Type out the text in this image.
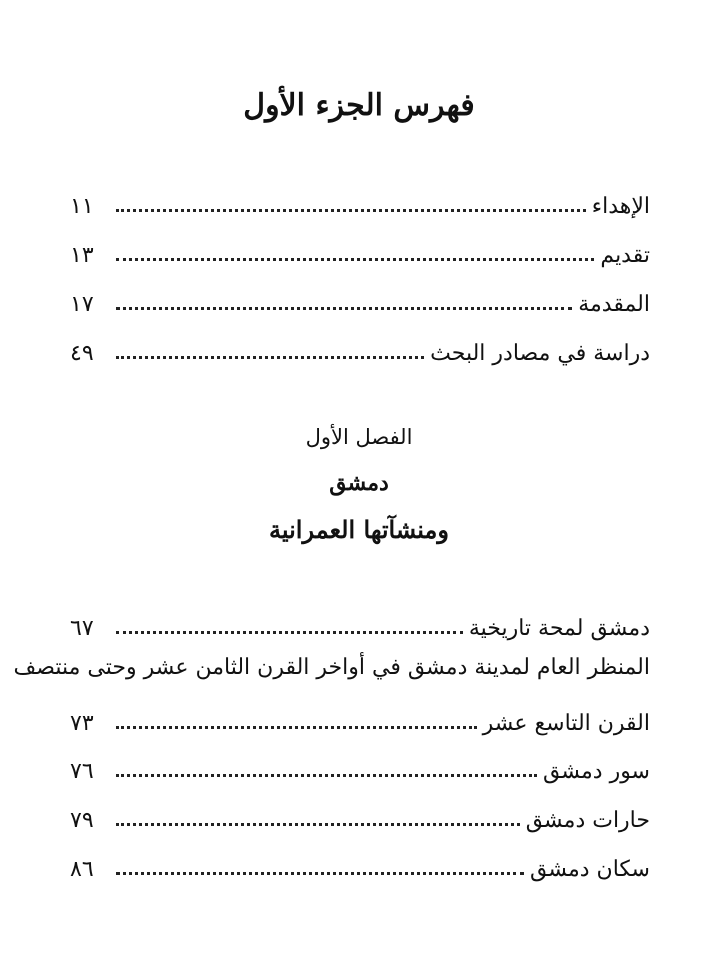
فهرس الجزء الأول
الإهداء
١١
تقديم
١٣
المقدمة
١٧
دراسة في مصادر البحث
٤٩
الفصل الأول
دمشق
ومنشآتها العمرانية
دمشق لمحة تاريخية
٦٧
المنظر العام لمدينة دمشق في أواخر القرن الثامن عشر وحتى منتصف
القرن التاسع عشر
٧٣
سور دمشق
٧٦
حارات دمشق
٧٩
سكان دمشق
٨٦
